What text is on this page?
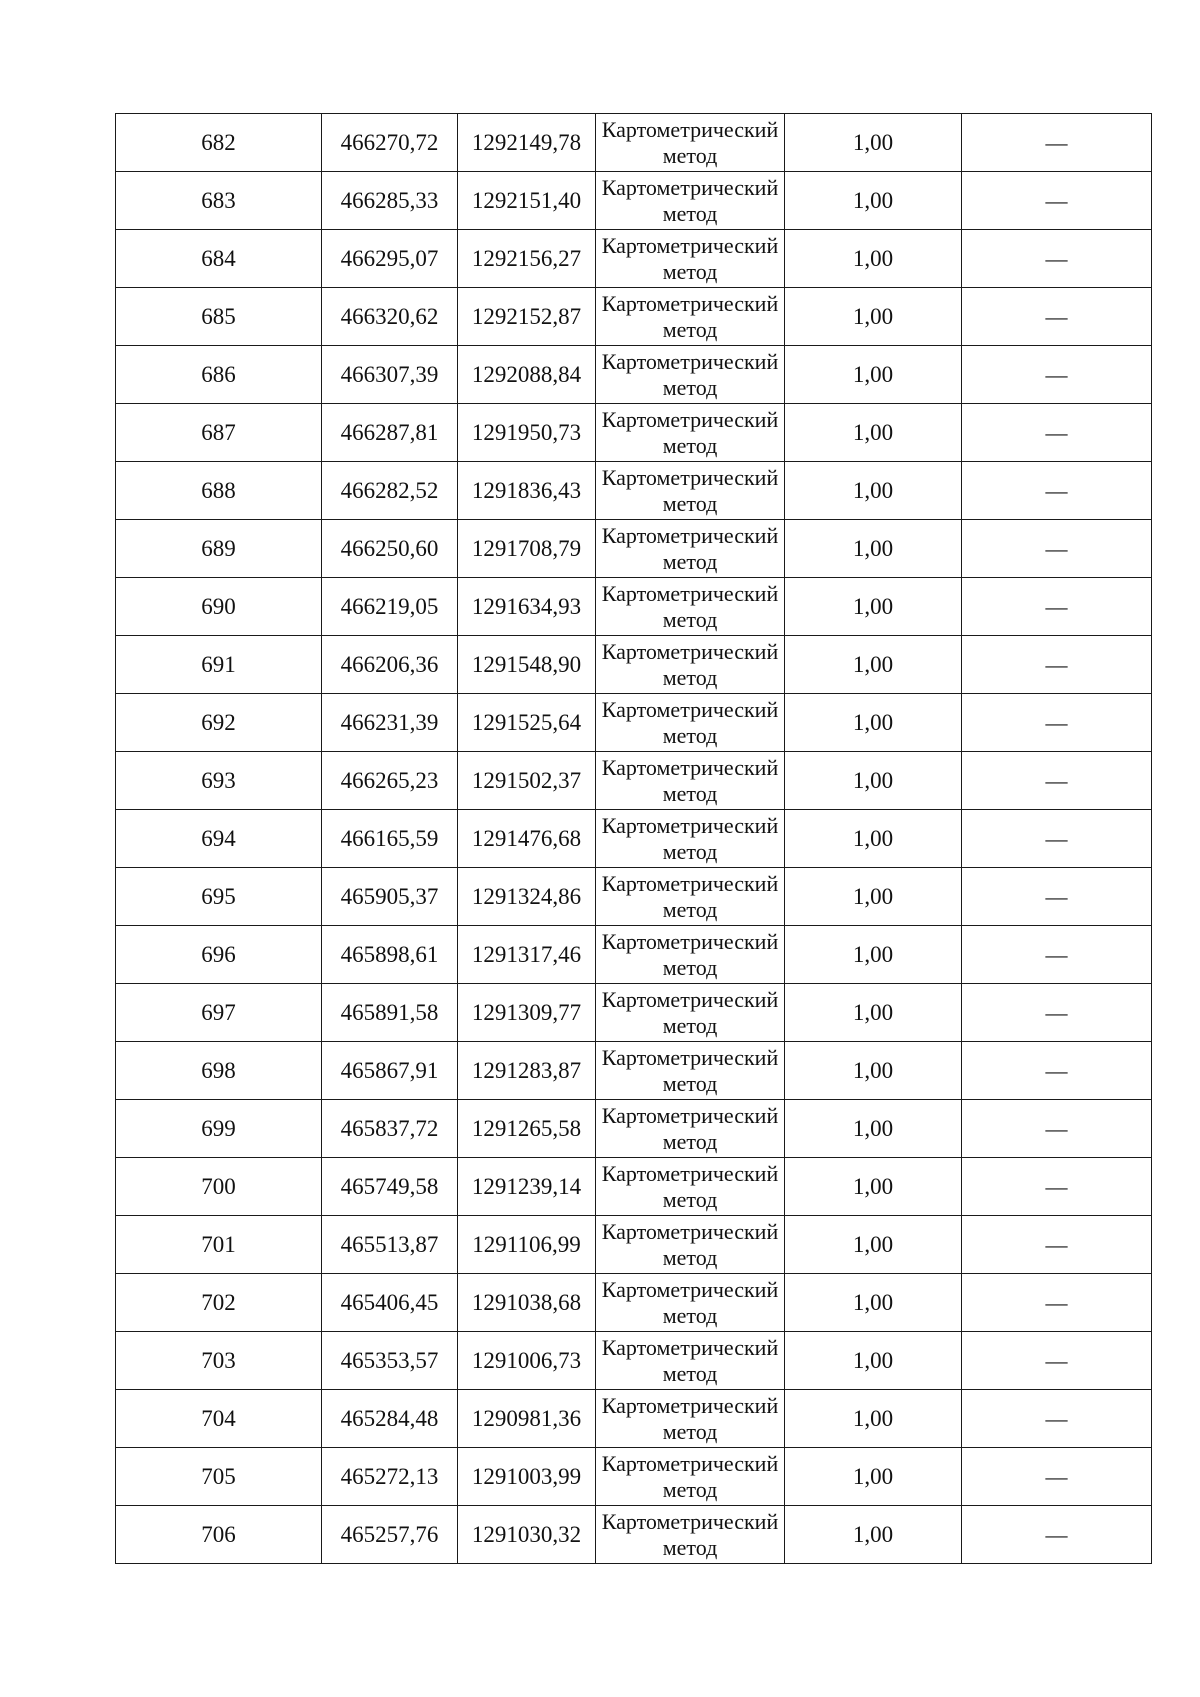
682	466270,72	1292149,78	Картометрический метод	1,00	—
683	466285,33	1292151,40	Картометрический метод	1,00	—
684	466295,07	1292156,27	Картометрический метод	1,00	—
685	466320,62	1292152,87	Картометрический метод	1,00	—
686	466307,39	1292088,84	Картометрический метод	1,00	—
687	466287,81	1291950,73	Картометрический метод	1,00	—
688	466282,52	1291836,43	Картометрический метод	1,00	—
689	466250,60	1291708,79	Картометрический метод	1,00	—
690	466219,05	1291634,93	Картометрический метод	1,00	—
691	466206,36	1291548,90	Картометрический метод	1,00	—
692	466231,39	1291525,64	Картометрический метод	1,00	—
693	466265,23	1291502,37	Картометрический метод	1,00	—
694	466165,59	1291476,68	Картометрический метод	1,00	—
695	465905,37	1291324,86	Картометрический метод	1,00	—
696	465898,61	1291317,46	Картометрический метод	1,00	—
697	465891,58	1291309,77	Картометрический метод	1,00	—
698	465867,91	1291283,87	Картометрический метод	1,00	—
699	465837,72	1291265,58	Картометрический метод	1,00	—
700	465749,58	1291239,14	Картометрический метод	1,00	—
701	465513,87	1291106,99	Картометрический метод	1,00	—
702	465406,45	1291038,68	Картометрический метод	1,00	—
703	465353,57	1291006,73	Картометрический метод	1,00	—
704	465284,48	1290981,36	Картометрический метод	1,00	—
705	465272,13	1291003,99	Картометрический метод	1,00	—
706	465257,76	1291030,32	Картометрический метод	1,00	—
